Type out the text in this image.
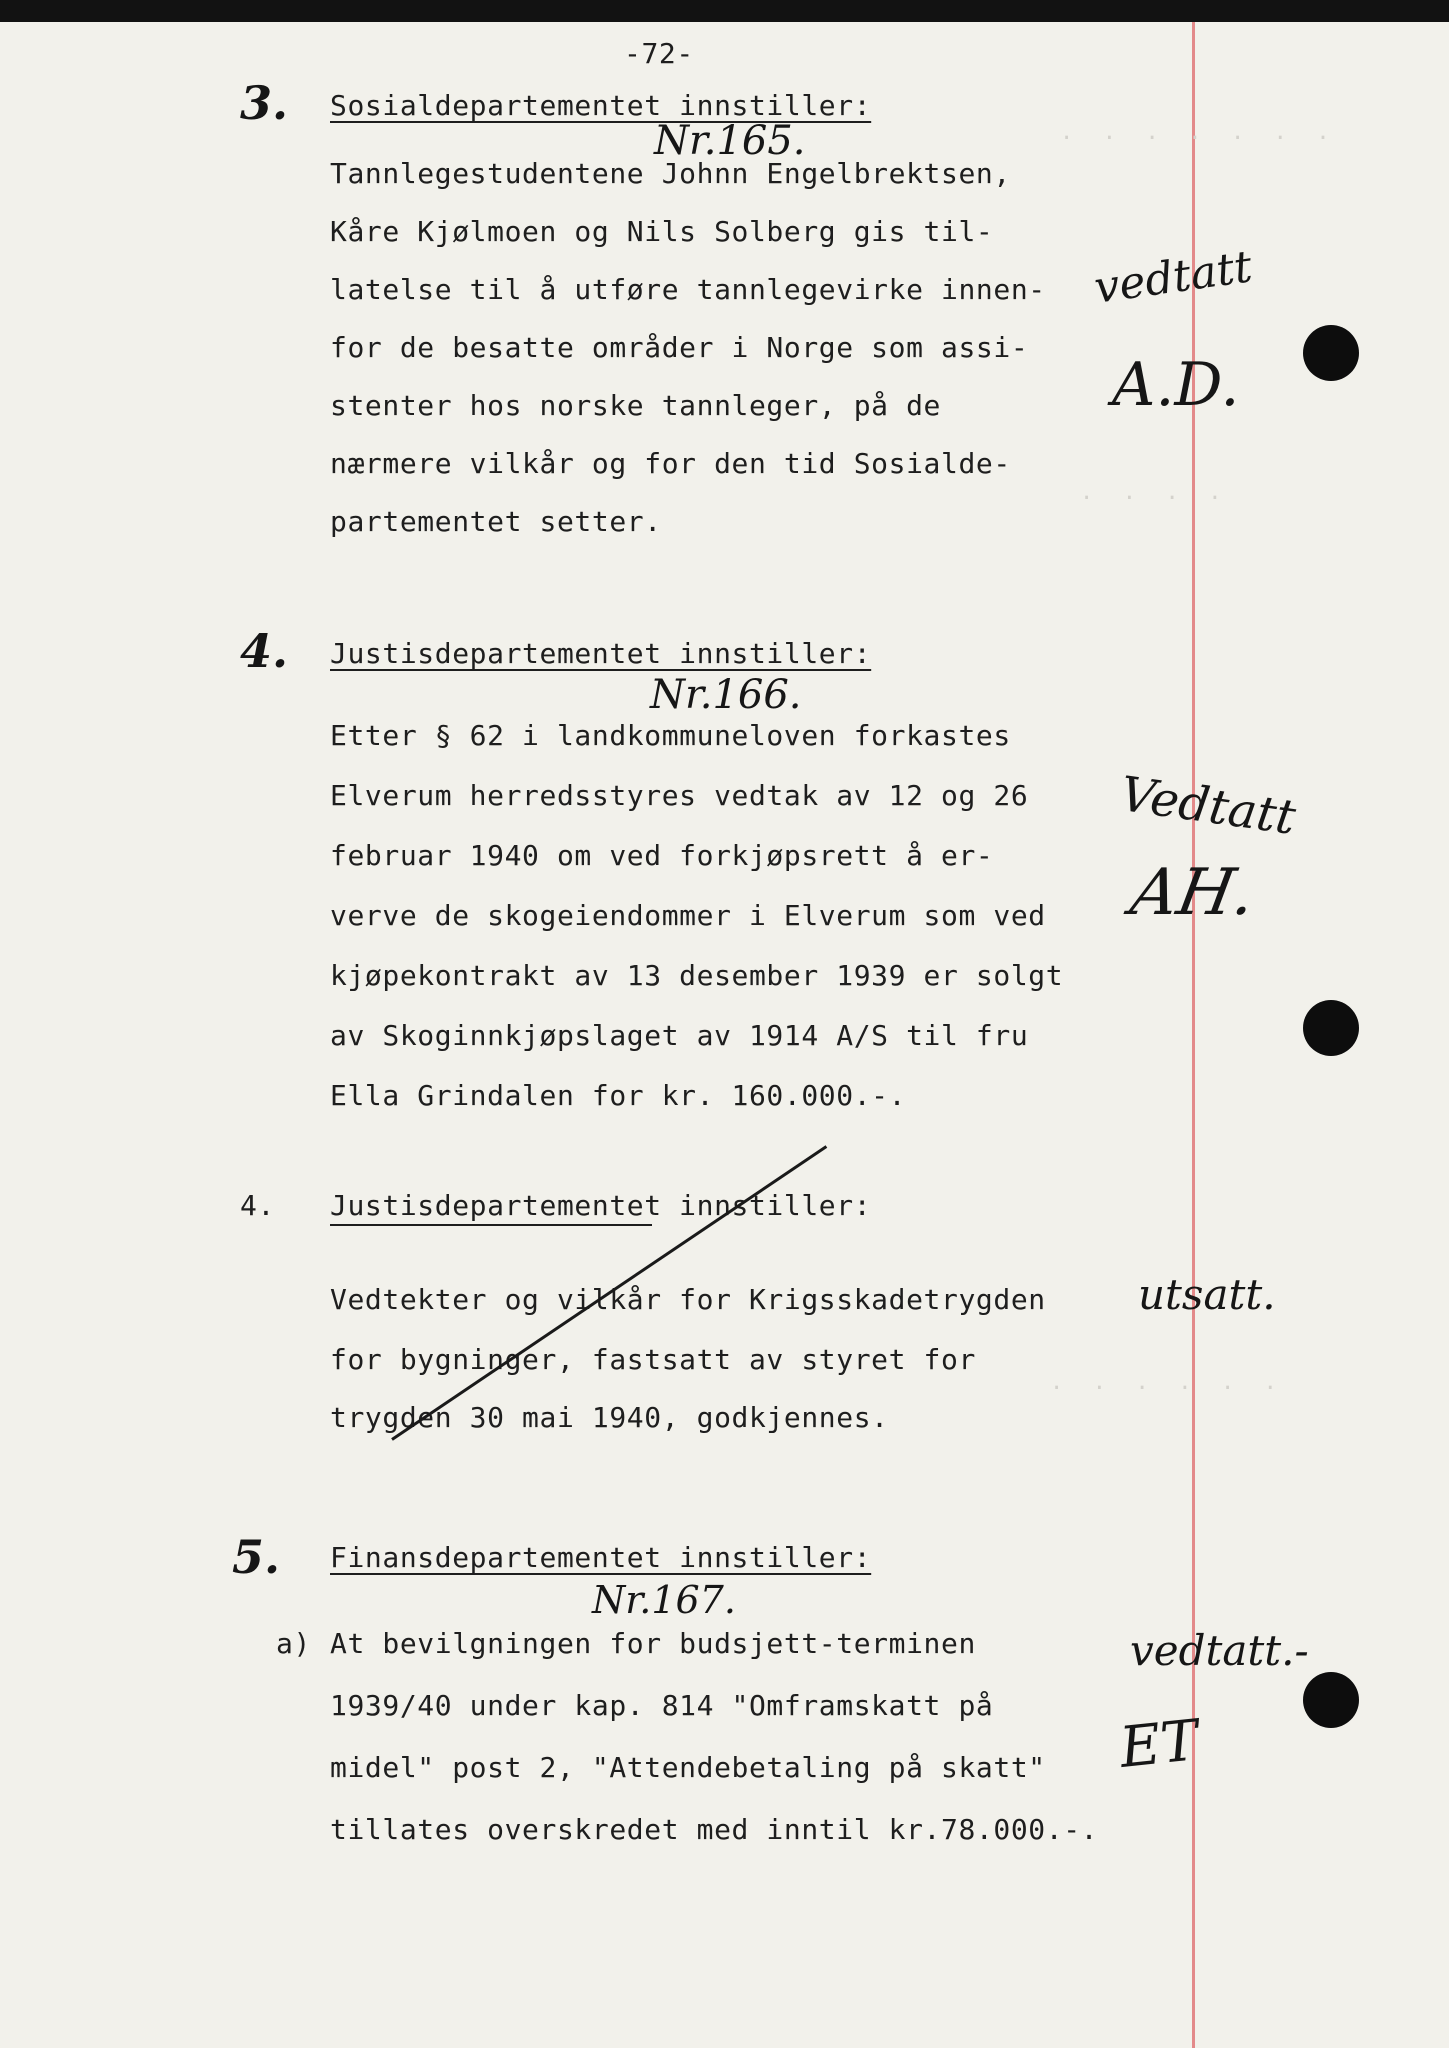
.  .  .  .  .  .  .
.  .  .  .
.  .  .  .  .  .
-72-
3. Sosialdepartementet innstiller:
Nr.165.
Tannlegestudentene Johnn Engelbrektsen,
Kåre Kjølmoen og Nils Solberg gis til-
latelse til å utføre tannlegevirke innen-
for de besatte områder i Norge som assi-
stenter hos norske tannleger, på de
nærmere vilkår og for den tid Sosialde-
partementet setter.
vedtatt
A.D.
4. Justisdepartementet innstiller:
Nr.166.
Etter § 62 i landkommuneloven forkastes
Elverum herredsstyres vedtak av 12 og 26
februar 1940 om ved forkjøpsrett å er-
verve de skogeiendommer i Elverum som ved
kjøpekontrakt av 13 desember 1939 er solgt
av Skoginnkjøpslaget av 1914 A/S til fru
Ella Grindalen for kr. 160.000.-.
Vedtatt
AH.
4. Justisdepartementet innstiller:
Vedtekter og vilkår for Krigsskadetrygden
for bygninger, fastsatt av styret for
trygden 30 mai 1940, godkjennes.
utsatt.
5. Finansdepartementet innstiller:
Nr.167.
a) At bevilgningen for budsjett-terminen
1939/40 under kap. 814 "Omframskatt på
midel" post 2, "Attendebetaling på skatt"
tillates overskredet med inntil kr.78.000.-.
vedtatt.-
ET
